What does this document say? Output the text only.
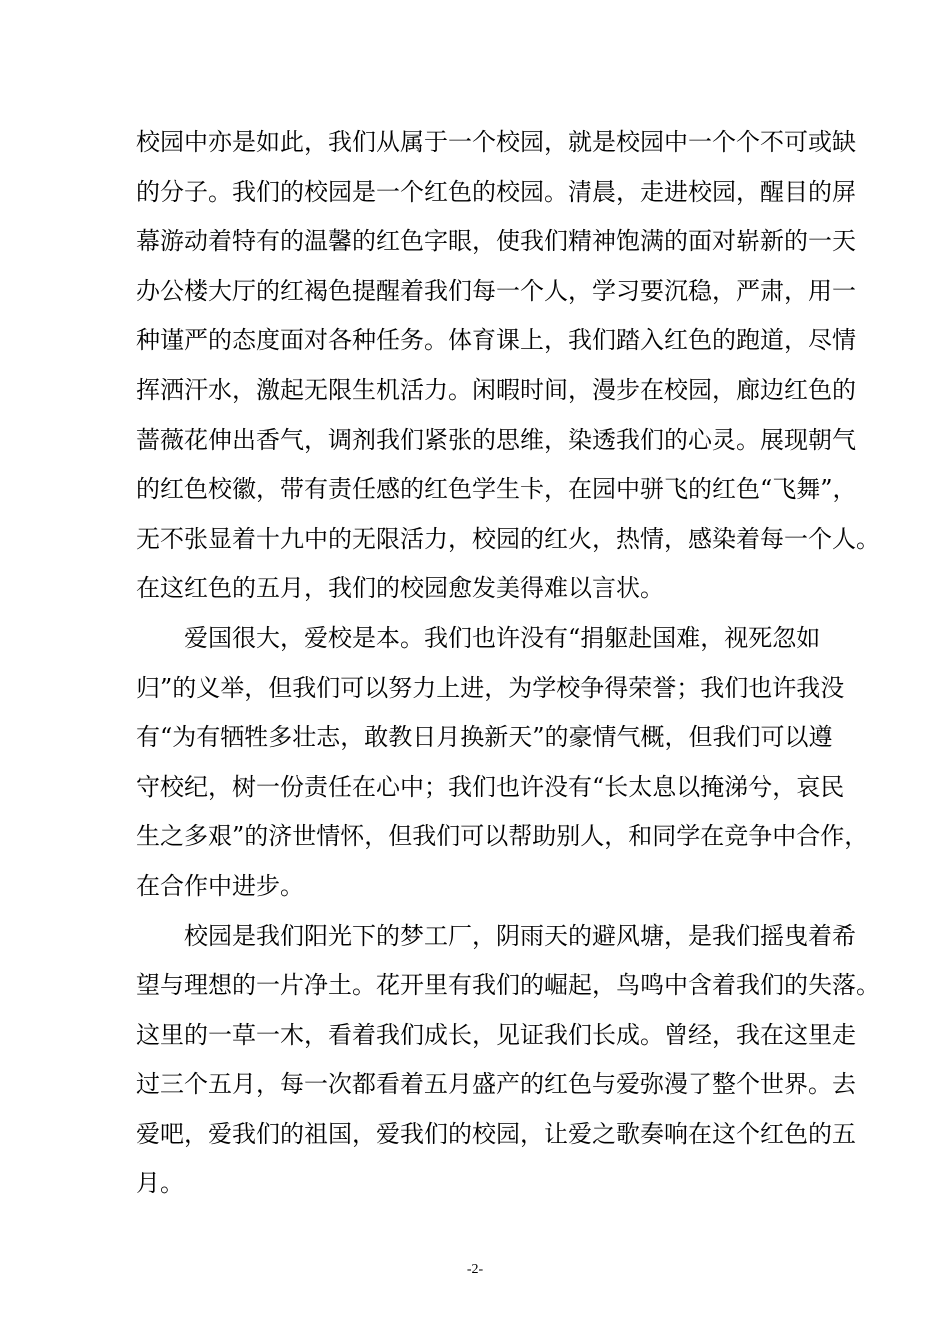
校园中亦是如此，我们从属于一个校园，就是校园中一个个不可或缺
的分子。我们的校园是一个红色的校园。清晨，走进校园，醒目的屏
幕游动着特有的温馨的红色字眼，使我们精神饱满的面对崭新的一天
办公楼大厅的红褐色提醒着我们每一个人，学习要沉稳，严肃，用一
种谨严的态度面对各种任务。体育课上，我们踏入红色的跑道，尽情
挥洒汗水，激起无限生机活力。闲暇时间，漫步在校园，廊边红色的
蔷薇花伸出香气，调剂我们紧张的思维，染透我们的心灵。展现朝气
的红色校徽，带有责任感的红色学生卡，在园中骈飞的红色“飞舞”，
无不张显着十九中的无限活力，校园的红火，热情，感染着每一个人。
在这红色的五月，我们的校园愈发美得难以言状。
　　爱国很大，爱校是本。我们也许没有“捐躯赴国难，视死忽如
归”的义举，但我们可以努力上进，为学校争得荣誉；我们也许我没
有“为有牺牲多壮志，敢教日月换新天”的豪情气概，但我们可以遵
守校纪，树一份责任在心中；我们也许没有“长太息以掩涕兮，哀民
生之多艰”的济世情怀，但我们可以帮助别人，和同学在竞争中合作，
在合作中进步。
　　校园是我们阳光下的梦工厂，阴雨天的避风塘，是我们摇曳着希
望与理想的一片净土。花开里有我们的崛起，鸟鸣中含着我们的失落。
这里的一草一木，看着我们成长，见证我们长成。曾经，我在这里走
过三个五月，每一次都看着五月盛产的红色与爱弥漫了整个世界。去
爱吧，爱我们的祖国，爱我们的校园，让爱之歌奏响在这个红色的五
月。
-2-
